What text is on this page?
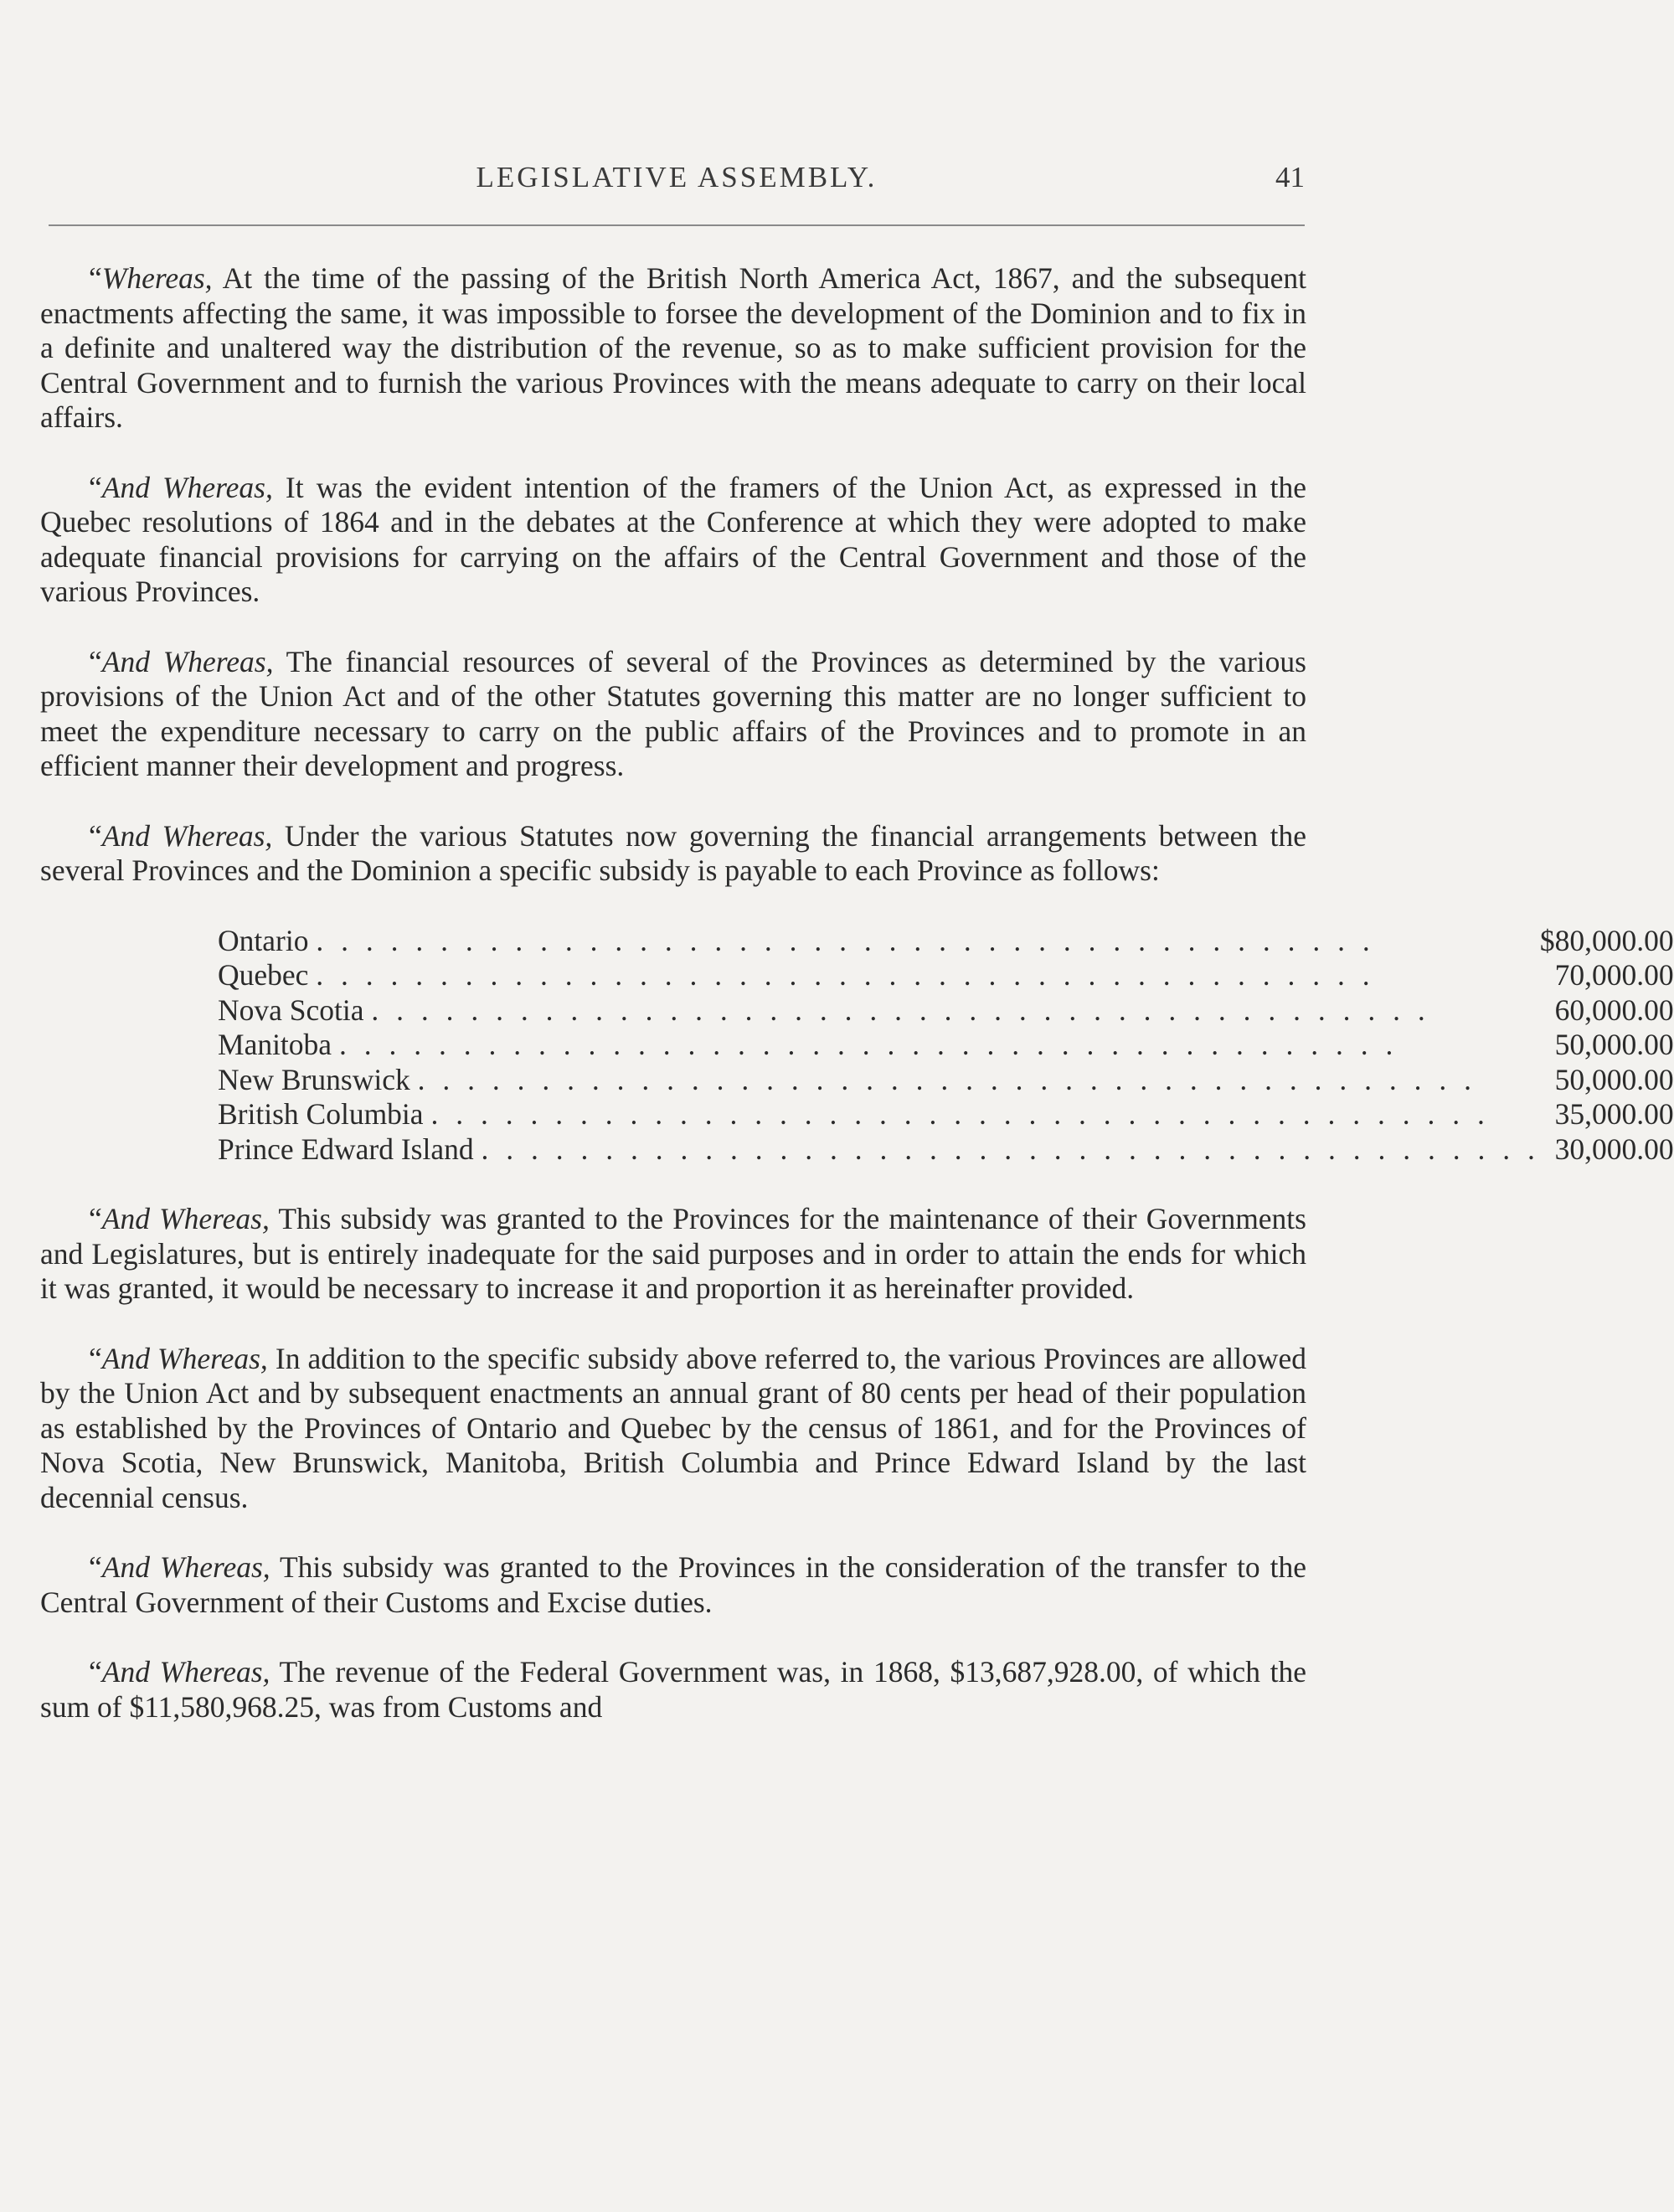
LEGISLATIVE ASSEMBLY.	41

“Whereas, At the time of the passing of the British North America Act, 1867, and the subsequent enactments affecting the same, it was impossible to forsee the development of the Dominion and to fix in a definite and unaltered way the distribution of the revenue, so as to make sufficient provision for the Central Government and to furnish the various Provinces with the means adequate to carry on their local affairs.

“And Whereas, It was the evident intention of the framers of the Union Act, as expressed in the Quebec resolutions of 1864 and in the debates at the Conference at which they were adopted to make adequate financial provisions for carrying on the affairs of the Central Government and those of the various Provinces.

“And Whereas, The financial resources of several of the Provinces as determined by the various provisions of the Union Act and of the other Statutes governing this matter are no longer sufficient to meet the expenditure necessary to carry on the public affairs of the Provinces and to promote in an efficient manner their development and progress.

“And Whereas, Under the various Statutes now governing the financial arrangements between the several Provinces and the Dominion a specific subsidy is payable to each Province as follows:

Ontario . . . . . . . . . . . . . . . . . . . . . . . . . . . . . . . . . . . . . . . . . . .	$80,000.00
Quebec . . . . . . . . . . . . . . . . . . . . . . . . . . . . . . . . . . . . . . . . . . .	70,000.00
Nova Scotia . . . . . . . . . . . . . . . . . . . . . . . . . . . . . . . . . . . . . . . . . . .	60,000.00
Manitoba . . . . . . . . . . . . . . . . . . . . . . . . . . . . . . . . . . . . . . . . . . .	50,000.00
New Brunswick . . . . . . . . . . . . . . . . . . . . . . . . . . . . . . . . . . . . . . . . . . .	50,000.00
British Columbia . . . . . . . . . . . . . . . . . . . . . . . . . . . . . . . . . . . . . . . . . . .	35,000.00
Prince Edward Island . . . . . . . . . . . . . . . . . . . . . . . . . . . . . . . . . . . . . . . . . . .	30,000.00

“And Whereas, This subsidy was granted to the Provinces for the maintenance of their Governments and Legislatures, but is entirely inadequate for the said purposes and in order to attain the ends for which it was granted, it would be necessary to increase it and proportion it as hereinafter provided.

“And Whereas, In addition to the specific subsidy above referred to, the various Provinces are allowed by the Union Act and by subsequent enactments an annual grant of 80 cents per head of their population as established by the Provinces of Ontario and Quebec by the census of 1861, and for the Provinces of Nova Scotia, New Brunswick, Manitoba, British Columbia and Prince Edward Island by the last decennial census.

“And Whereas, This subsidy was granted to the Provinces in the consideration of the transfer to the Central Government of their Customs and Excise duties.

“And Whereas, The revenue of the Federal Government was, in 1868, $13,687,928.00, of which the sum of $11,580,968.25, was from Customs and
